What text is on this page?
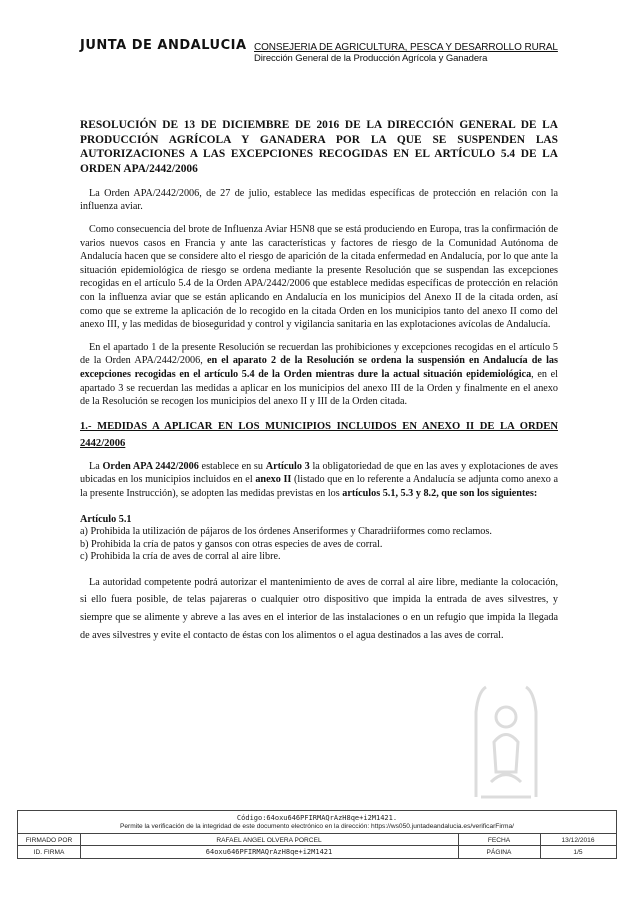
JUNTA DE ANDALUCIA CONSEJERIA DE AGRICULTURA, PESCA Y DESARROLLO RURAL
Dirección General de la Producción Agrícola y Ganadera
RESOLUCIÓN DE 13 DE DICIEMBRE DE 2016 DE LA DIRECCIÓN GENERAL DE LA PRODUCCIÓN AGRÍCOLA Y GANADERA POR LA QUE SE SUSPENDEN LAS AUTORIZACIONES A LAS EXCEPCIONES RECOGIDAS EN EL ARTÍCULO 5.4 DE LA ORDEN APA/2442/2006

La Orden APA/2442/2006, de 27 de julio, establece las medidas específicas de protección en relación con la influenza aviar.

Como consecuencia del brote de Influenza Aviar H5N8 que se está produciendo en Europa, tras la confirmación de varios nuevos casos en Francia y ante las características y factores de riesgo de la Comunidad Autónoma de Andalucía hacen que se considere alto el riesgo de aparición de la citada enfermedad en Andalucía, por lo que ante la situación epidemiológica de riesgo se ordena mediante la presente Resolución que se suspendan las excepciones recogidas en el artículo 5.4 de la Orden APA/2442/2006 que establece medidas específicas de protección en relación con la influenza aviar que se están aplicando en Andalucía en los municipios del Anexo II de la citada orden, así como que se extreme la aplicación de lo recogido en la citada Orden en los municipios tanto del anexo II como del anexo III, y las medidas de bioseguridad y control y vigilancia sanitaria en las explotaciones avícolas de Andalucía.

En el apartado 1 de la presente Resolución se recuerdan las prohibiciones y excepciones recogidas en el artículo 5 de la Orden APA/2442/2006, en el aparato 2 de la Resolución se ordena la suspensión en Andalucía de las excepciones recogidas en el artículo 5.4 de la Orden mientras dure la actual situación epidemiológica, en el apartado 3 se recuerdan las medidas a aplicar en los municipios del anexo III de la Orden y finalmente en el anexo de la Resolución se recogen los municipios del anexo II y III de la Orden citada.

1.- MEDIDAS A APLICAR EN LOS MUNICIPIOS INCLUIDOS EN ANEXO II DE LA ORDEN 2442/2006

La Orden APA 2442/2006 establece en su Artículo 3 la obligatoriedad de que en las aves y explotaciones de aves ubicadas en los municipios incluidos en el anexo II (listado que en lo referente a Andalucía se adjunta como anexo a la presente Instrucción), se adopten las medidas previstas en los artículos 5.1, 5.3 y 8.2, que son los siguientes:

Artículo 5.1
a) Prohibida la utilización de pájaros de los órdenes Anseriformes y Charadriiformes como reclamos.
b) Prohibida la cría de patos y gansos con otras especies de aves de corral.
c) Prohibida la cría de aves de corral al aire libre.

La autoridad competente podrá autorizar el mantenimiento de aves de corral al aire libre, mediante la colocación, si ello fuera posible, de telas pajareras o cualquier otro dispositivo que impida la entrada de aves silvestres, y siempre que se alimente y abreve a las aves en el interior de las instalaciones o en un refugio que impida la llegada de aves silvestres y evite el contacto de éstas con los alimentos o el agua destinados a las aves de corral.

Código:64oxu646PFIRMAQrAzH8qe+i2M1421.
Permite la verificación de la integridad de este documento electrónico en la dirección: https://ws050.juntadeandalucia.es/verificarFirma/
FIRMADO POR	RAFAEL ANGEL OLVERA PORCEL	FECHA	13/12/2016
ID. FIRMA	64oxu646PFIRMAQrAzH8qe+i2M1421	PÁGINA	1/5
